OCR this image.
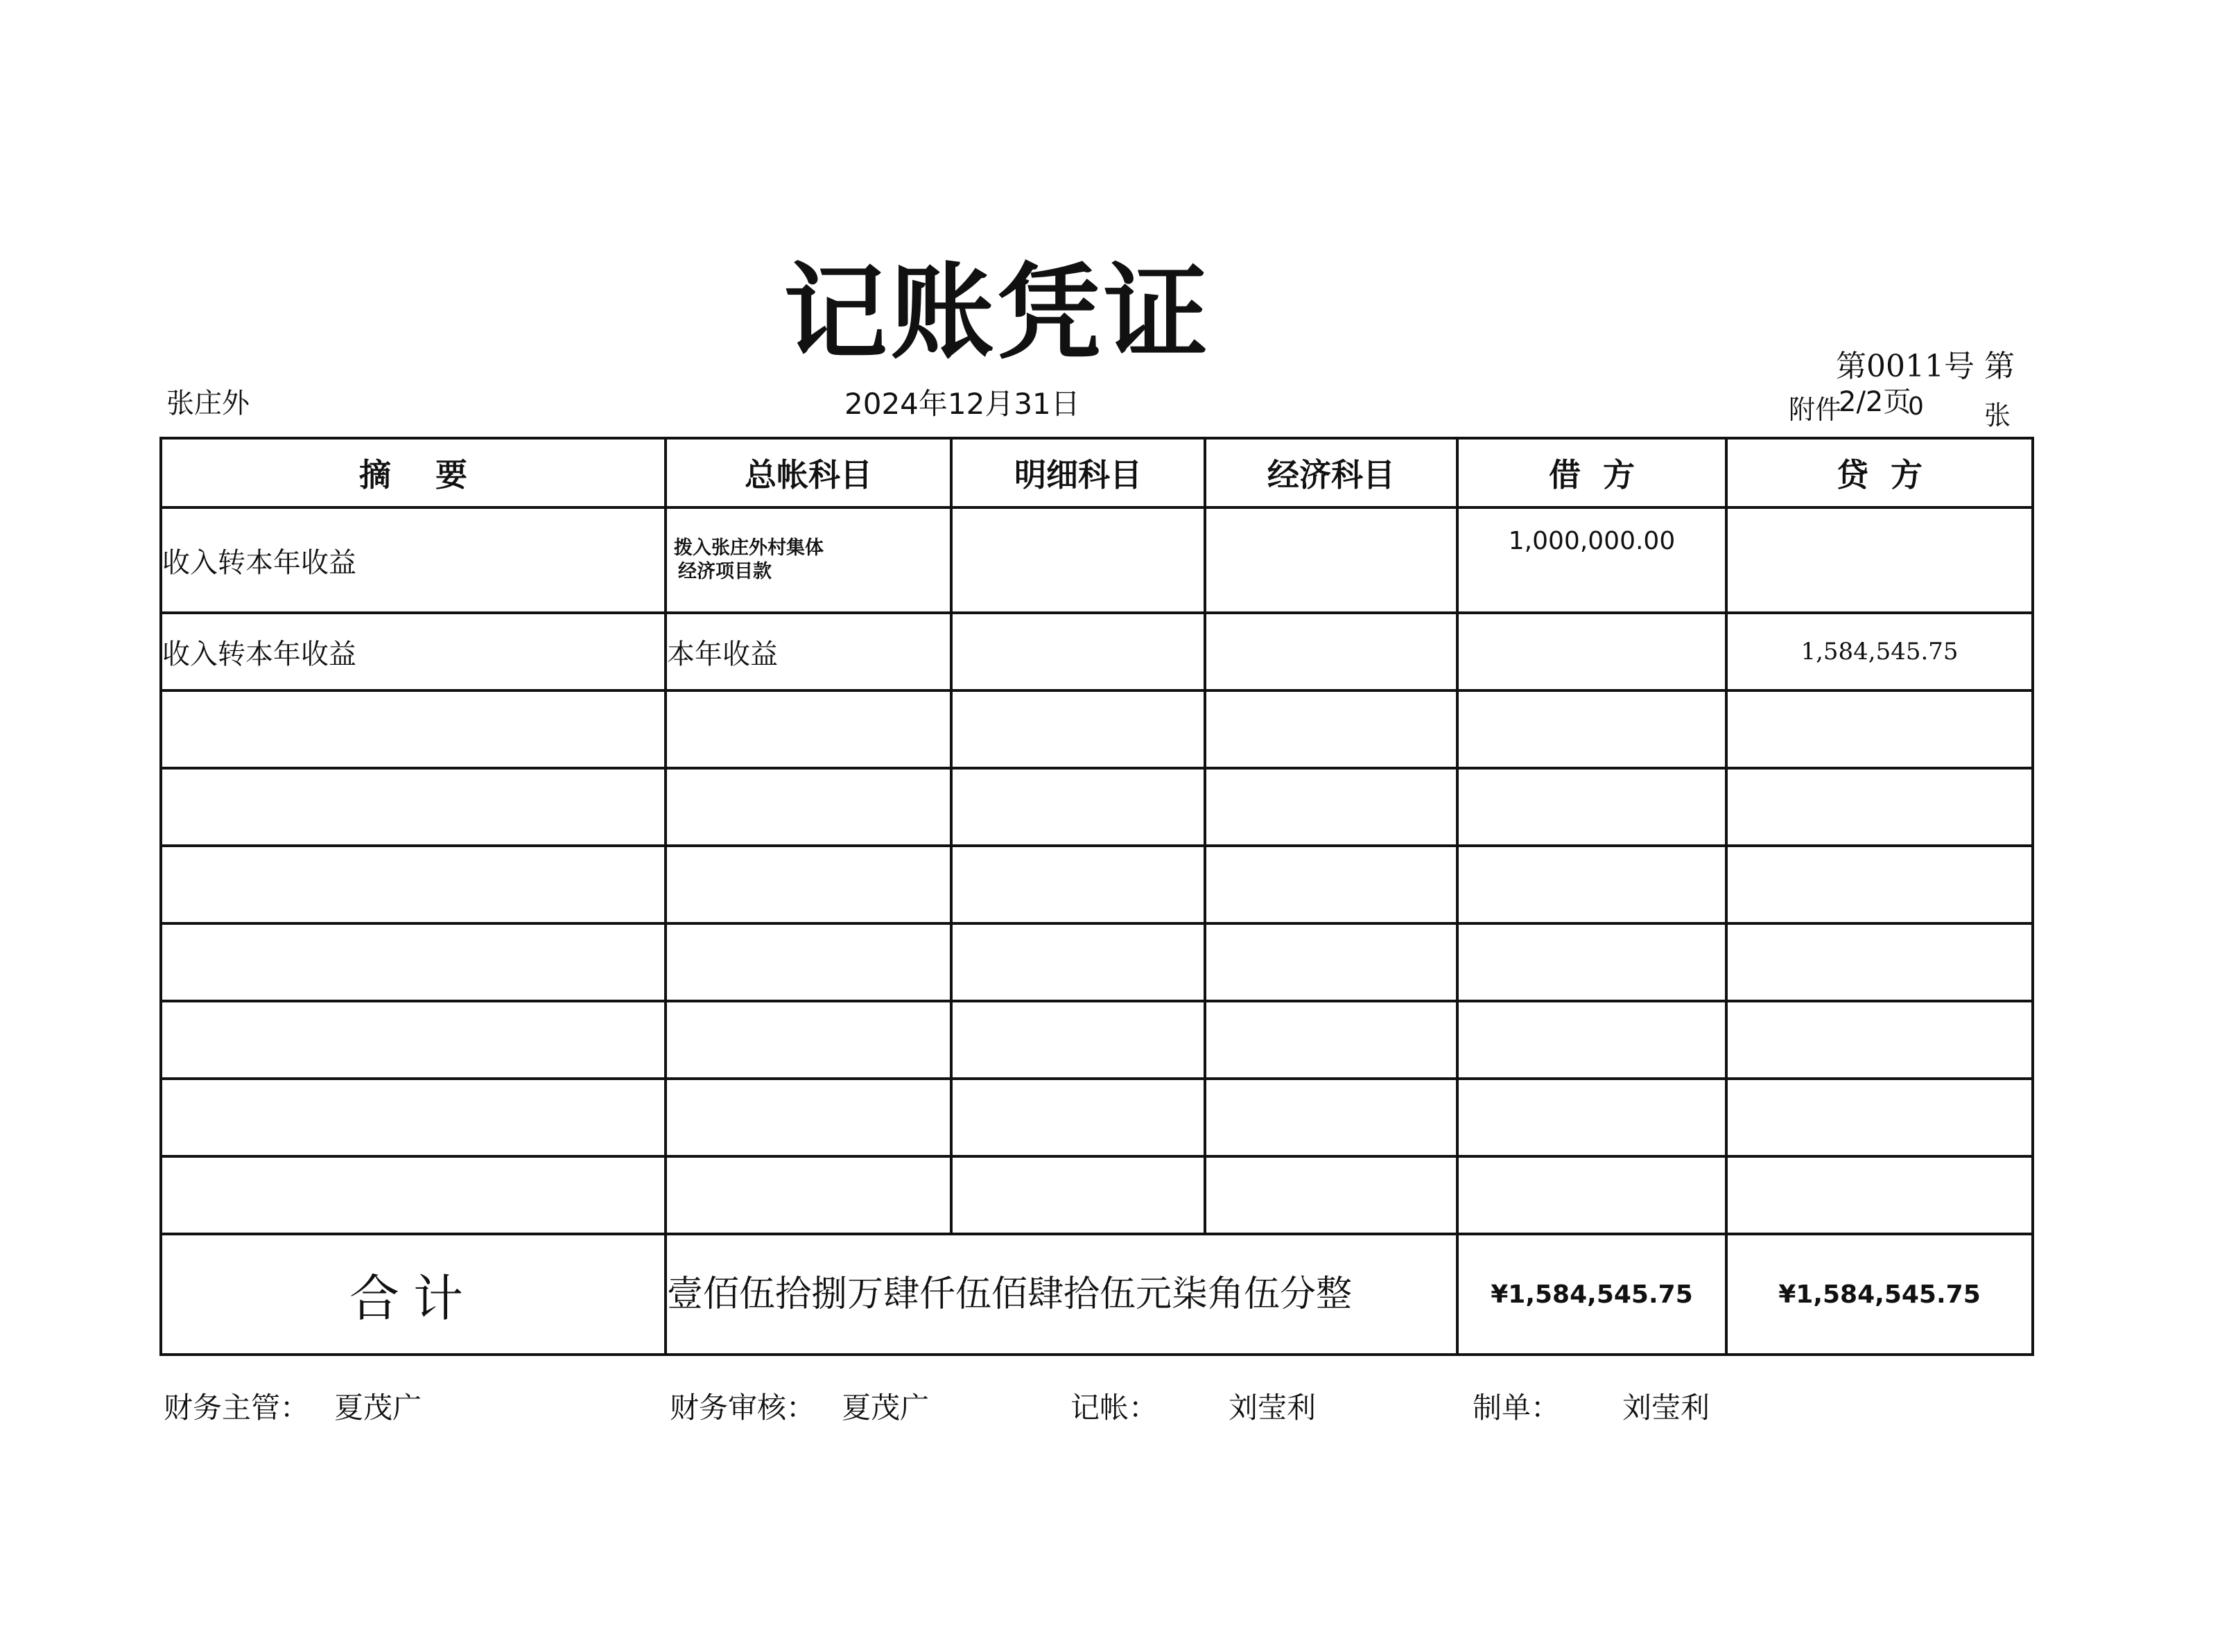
记账凭证
张庄外	2024年12月31日
第0011号 第
附件
2/2页
0 张
摘    要	总帐科目	明细科目	经济科目	借  方	贷  方
收入转本年收益	拨入张庄外村集体
经济项目款			1,000,000.00	
收入转本年收益	本年收益				1,584,545.75

合计	壹佰伍拾捌万肆仟伍佰肆拾伍元柒角伍分整			¥1,584,545.75	¥1,584,545.75
财务主管： 夏茂广	财务审核： 夏茂广	记帐： 刘莹利	制单： 刘莹利
